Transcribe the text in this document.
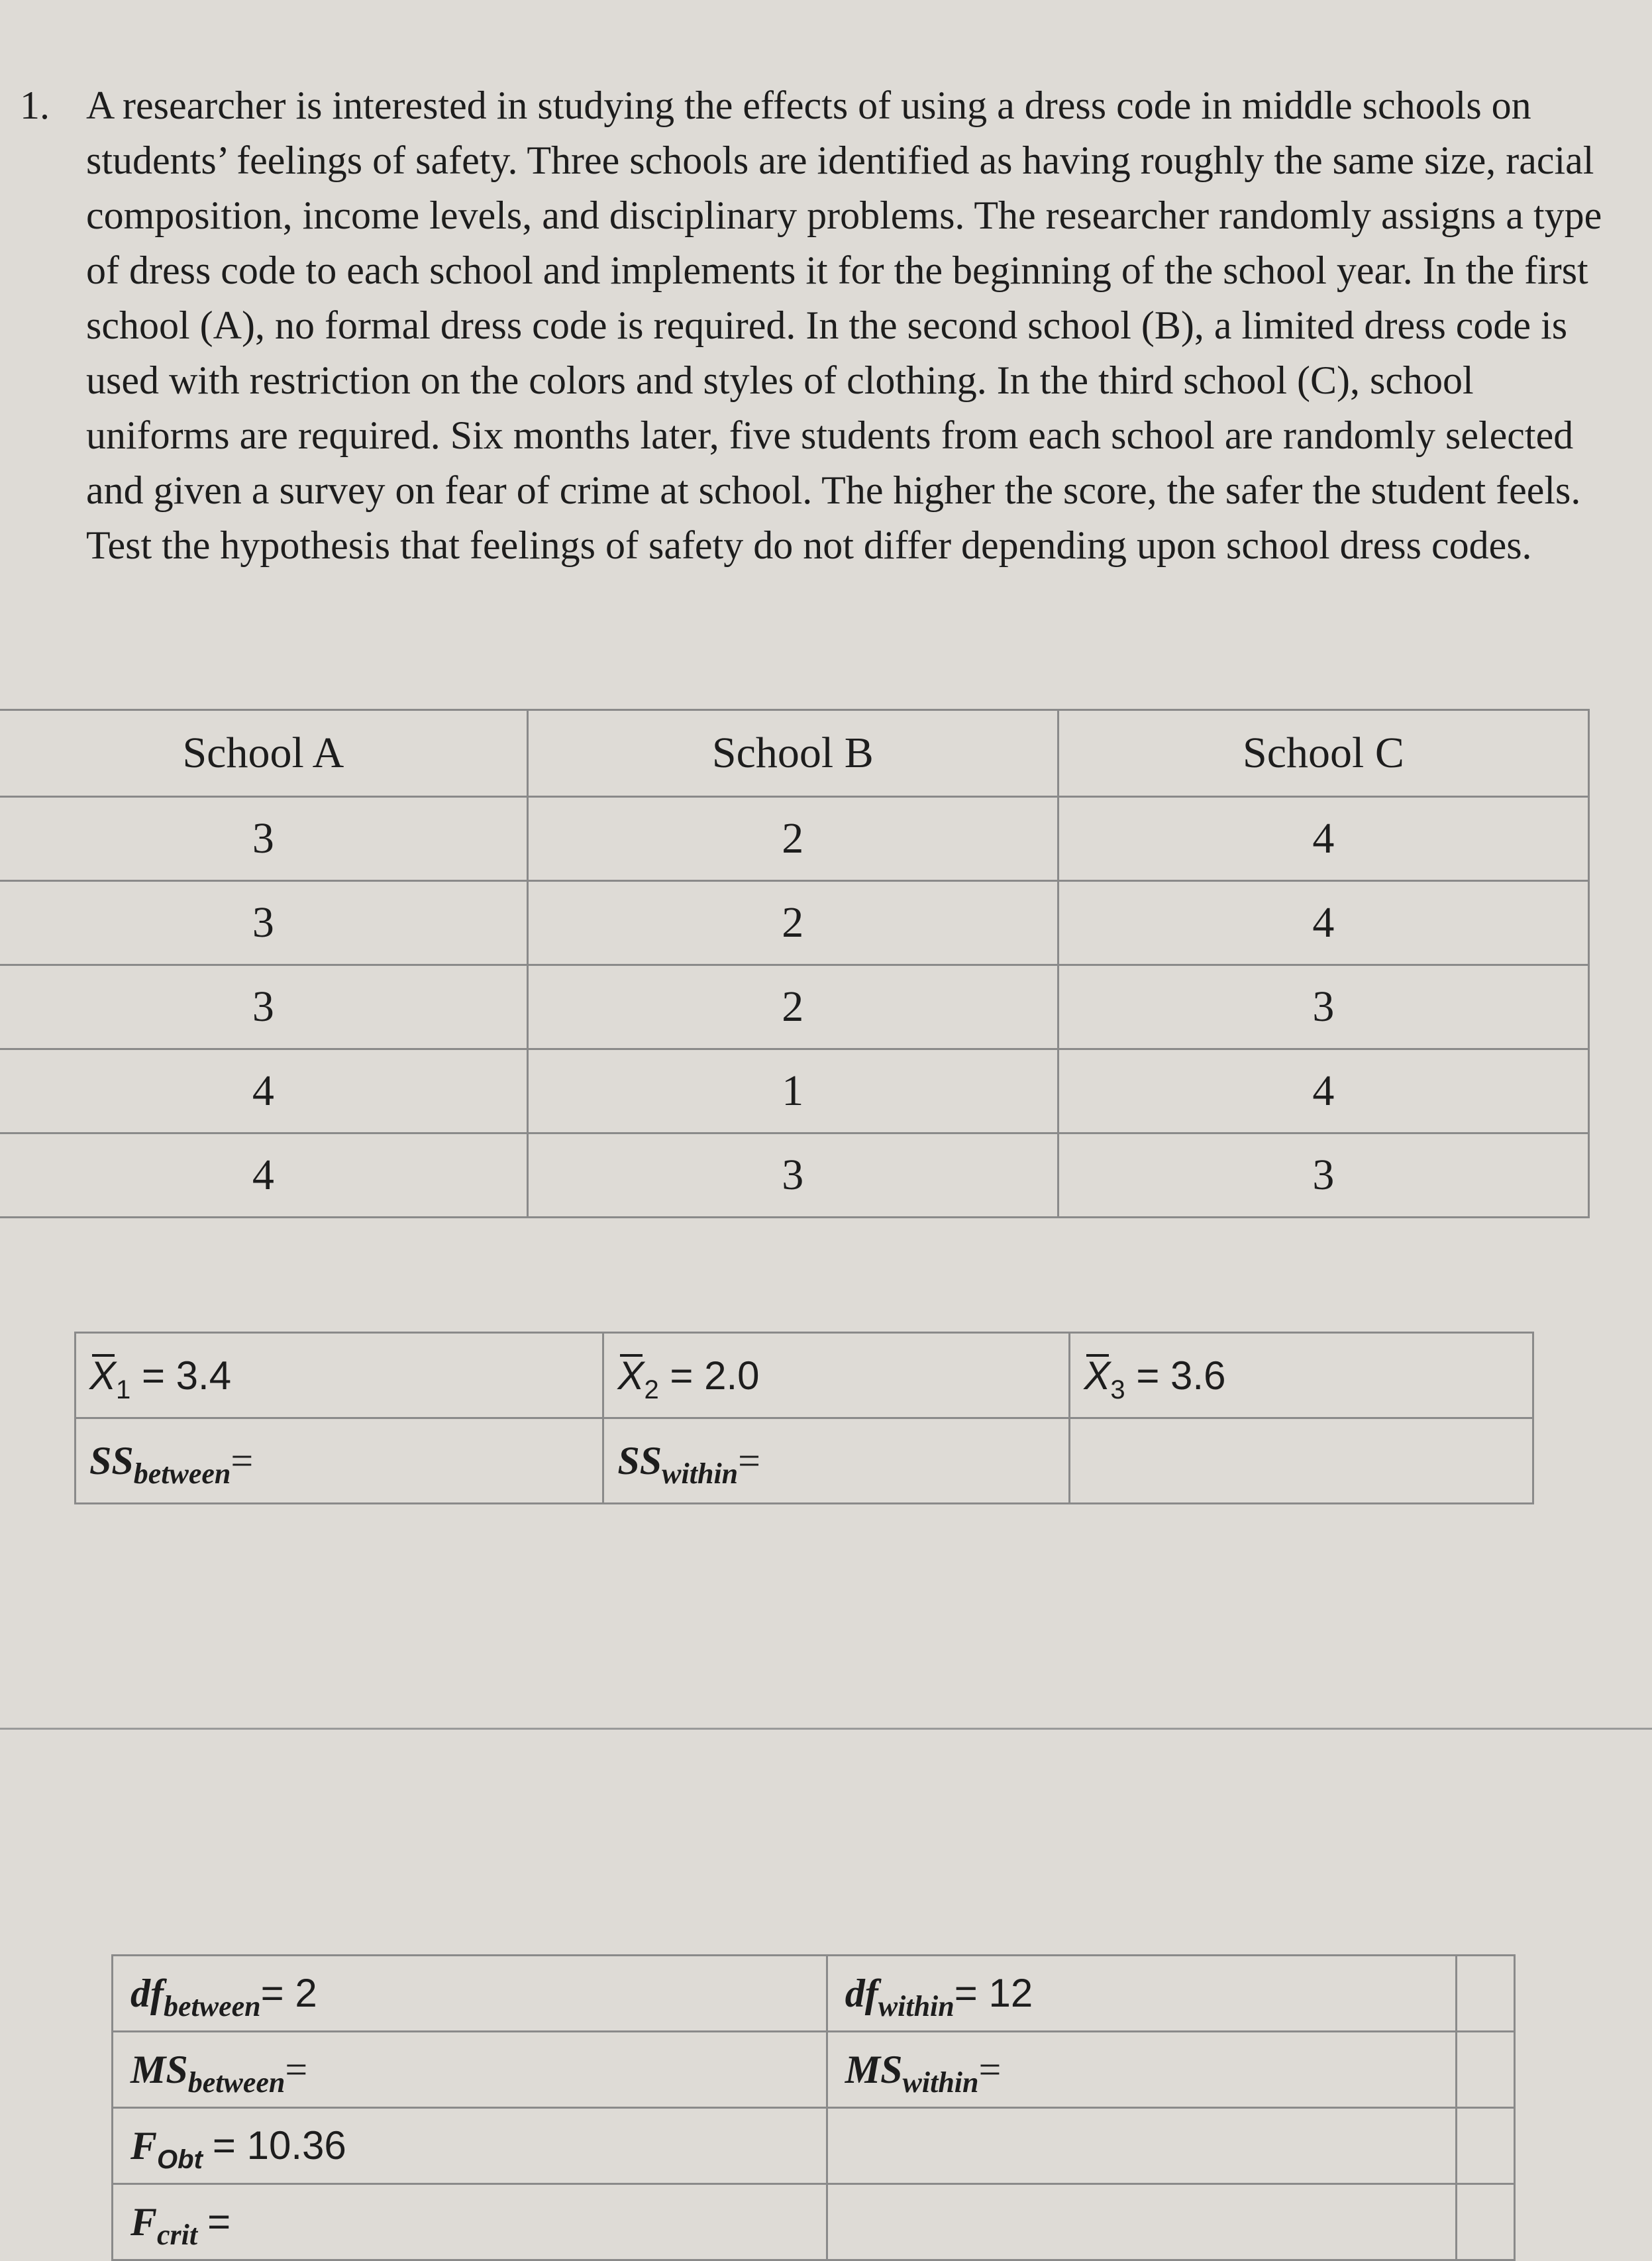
1. A researcher is interested in studying the effects of using a dress code in middle schools on students’ feelings of safety. Three schools are identified as having roughly the same size, racial composition, income levels, and disciplinary problems. The researcher randomly assigns a type of dress code to each school and implements it for the beginning of the school year. In the first school (A), no formal dress code is required. In the second school (B), a limited dress code is used with restriction on the colors and styles of clothing. In the third school (C), school uniforms are required. Six months later, five students from each school are randomly selected and given a survey on fear of crime at school. The higher the score, the safer the student feels. Test the hypothesis that feelings of safety do not differ depending upon school dress codes.
School A	School B	School C
3	2	4
3	2	4
3	2	3
4	1	4
4	3	3
$X_1 = 3.4$	$X_2 = 2.0$	$X_3 = 3.6$
$SS_{between}=$	$SS_{within}=$	
$df_{between}= 2$	$df_{within}= 12$	
$MS_{between}=$	$MS_{within}=$	
$F_{Obt} = 10.36$		
$F_{crit}$ =		
